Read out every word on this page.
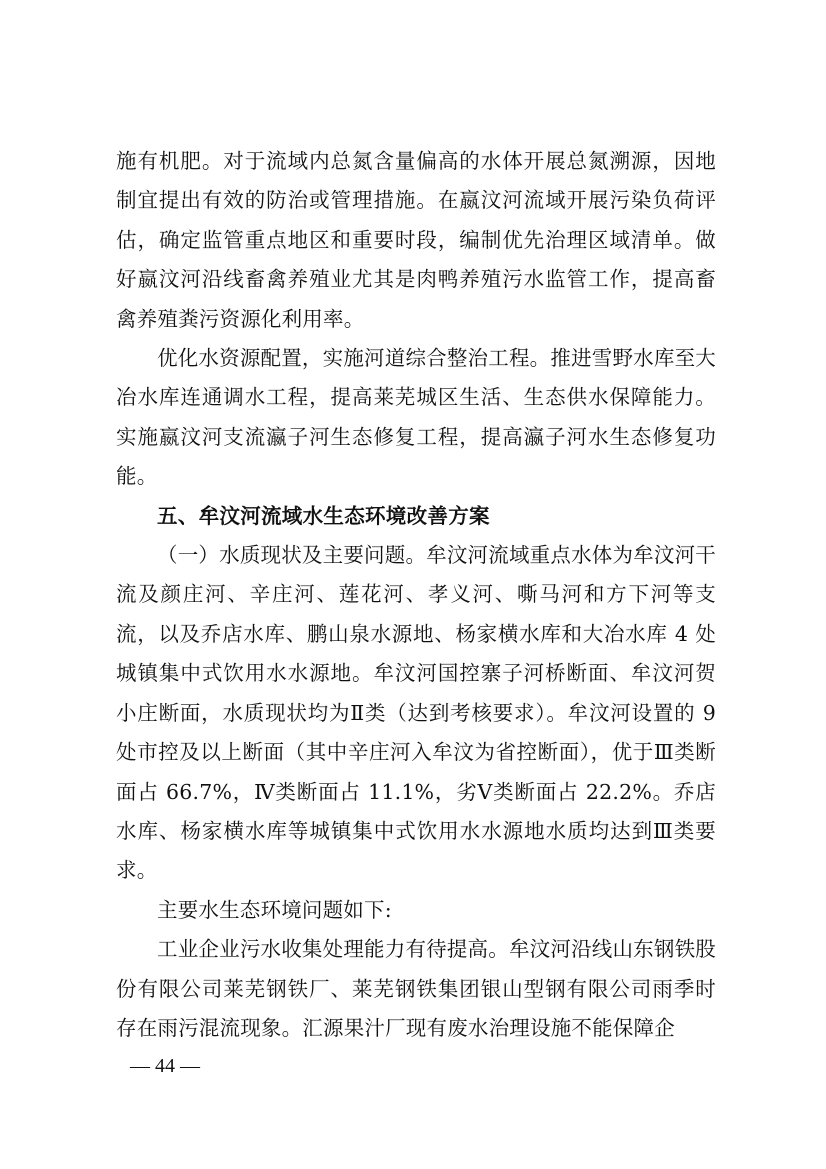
施有机肥。对于流域内总氮含量偏高的水体开展总氮溯源，因地制宜提出有效的防治或管理措施。在嬴汶河流域开展污染负荷评估，确定监管重点地区和重要时段，编制优先治理区域清单。做好嬴汶河沿线畜禽养殖业尤其是肉鸭养殖污水监管工作，提高畜禽养殖粪污资源化利用率。

优化水资源配置，实施河道综合整治工程。推进雪野水库至大冶水库连通调水工程，提高莱芜城区生活、生态供水保障能力。实施嬴汶河支流瀛子河生态修复工程，提高瀛子河水生态修复功能。

五、牟汶河流域水生态环境改善方案

（一）水质现状及主要问题。牟汶河流域重点水体为牟汶河干流及颜庄河、辛庄河、莲花河、孝义河、嘶马河和方下河等支流，以及乔店水库、鹏山泉水源地、杨家横水库和大冶水库 4 处城镇集中式饮用水水源地。牟汶河国控寨子河桥断面、牟汶河贺小庄断面，水质现状均为Ⅱ类（达到考核要求）。牟汶河设置的 9 处市控及以上断面（其中辛庄河入牟汶为省控断面），优于Ⅲ类断面占 66.7%，Ⅳ类断面占 11.1%，劣Ⅴ类断面占 22.2%。乔店水库、杨家横水库等城镇集中式饮用水水源地水质均达到Ⅲ类要求。

主要水生态环境问题如下:

工业企业污水收集处理能力有待提高。牟汶河沿线山东钢铁股份有限公司莱芜钢铁厂、莱芜钢铁集团银山型钢有限公司雨季时存在雨污混流现象。汇源果汁厂现有废水治理设施不能保障企

— 44 —
